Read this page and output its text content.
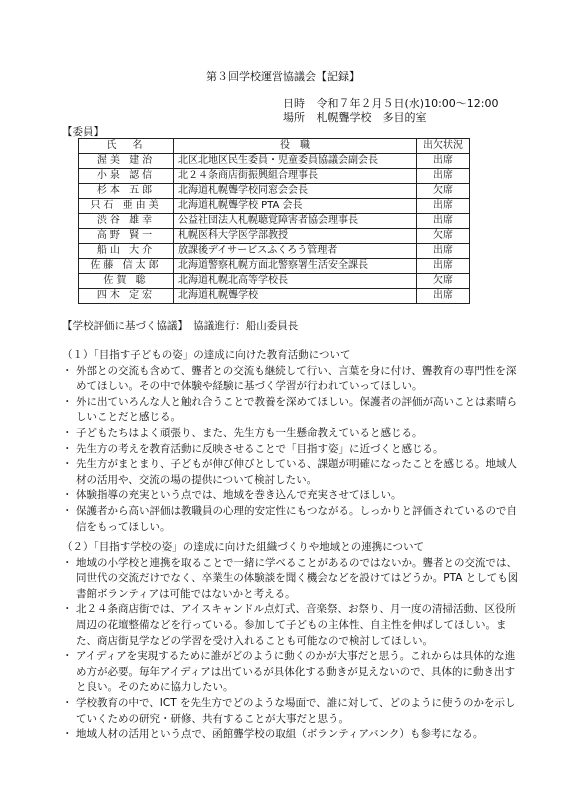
第３回学校運営協議会【記録】
日時 令和７年２月５日(水)10:00～12:00
場所 札幌聾学校　多目的室
【委員】
氏　名	役　職	出欠状況
渥美 建治	北区北地区民生委員・児童委員協議会副会長	出席
小泉 認信	北２４条商店街振興組合理事長	出席
杉本 五郎	北海道札幌聾学校同窓会会長	欠席
只石 亜由美	北海道札幌聾学校 PTA 会長	出席
渋谷 雄幸	公益社団法人札幌聴覚障害者協会理事長	出席
高野 賢一	札幌医科大学医学部教授	欠席
船山 大介	放課後デイサービスふくろう管理者	出席
佐藤 信太郎	北海道警察札幌方面北警察署生活安全課長	出席
佐賀 聡	北海道札幌北高等学校長	欠席
四木 定宏	北海道札幌聾学校	出席
【学校評価に基づく協議】　協議進行：船山委員長
（１）「目指す子どもの姿」の達成に向けた教育活動について
・ 外部との交流も含めて、聾者との交流も継続して行い、言葉を身に付け、聾教育の専門性を深めてほしい。その中で体験や経験に基づく学習が行われていってほしい。
・ 外に出ていろんな人と触れ合うことで教養を深めてほしい。保護者の評価が高いことは素晴らしいことだと感じる。
・ 子どもたちはよく頑張り、また、先生方も一生懸命教えていると感じる。
・ 先生方の考えを教育活動に反映させることで「目指す姿」に近づくと感じる。
・ 先生方がまとまり、子どもが伸び伸びとしている、課題が明確になったことを感じる。地域人材の活用や、交流の場の提供について検討したい。
・ 体験指導の充実という点では、地域を巻き込んで充実させてほしい。
・ 保護者から高い評価は教職員の心理的安定性にもつながる。しっかりと評価されているので自信をもってほしい。
（２）「目指す学校の姿」の達成に向けた組織づくりや地域との連携について
・ 地域の小学校と連携を取ることで一緒に学べることがあるのではないか。聾者との交流では、同世代の交流だけでなく、卒業生の体験談を聞く機会などを設けてはどうか。PTA としても図書館ボランティアは可能ではないかと考える。
・ 北２４条商店街では、アイスキャンドル点灯式、音楽祭、お祭り、月一度の清掃活動、区役所周辺の花壇整備などを行っている。参加して子どもの主体性、自主性を伸ばしてほしい。また、商店街見学などの学習を受け入れることも可能なので検討してほしい。
・ アイディアを実現するために誰がどのように動くのかが大事だと思う。これからは具体的な進め方が必要。毎年アイディアは出ているが具体化する動きが見えないので、具体的に動き出すと良い。そのために協力したい。
・ 学校教育の中で、ICT を先生方でどのような場面で、誰に対して、どのように使うのかを示していくための研究・研修、共有することが大事だと思う。
・ 地域人材の活用という点で、函館聾学校の取組（ボランティアバンク）も参考になる。
